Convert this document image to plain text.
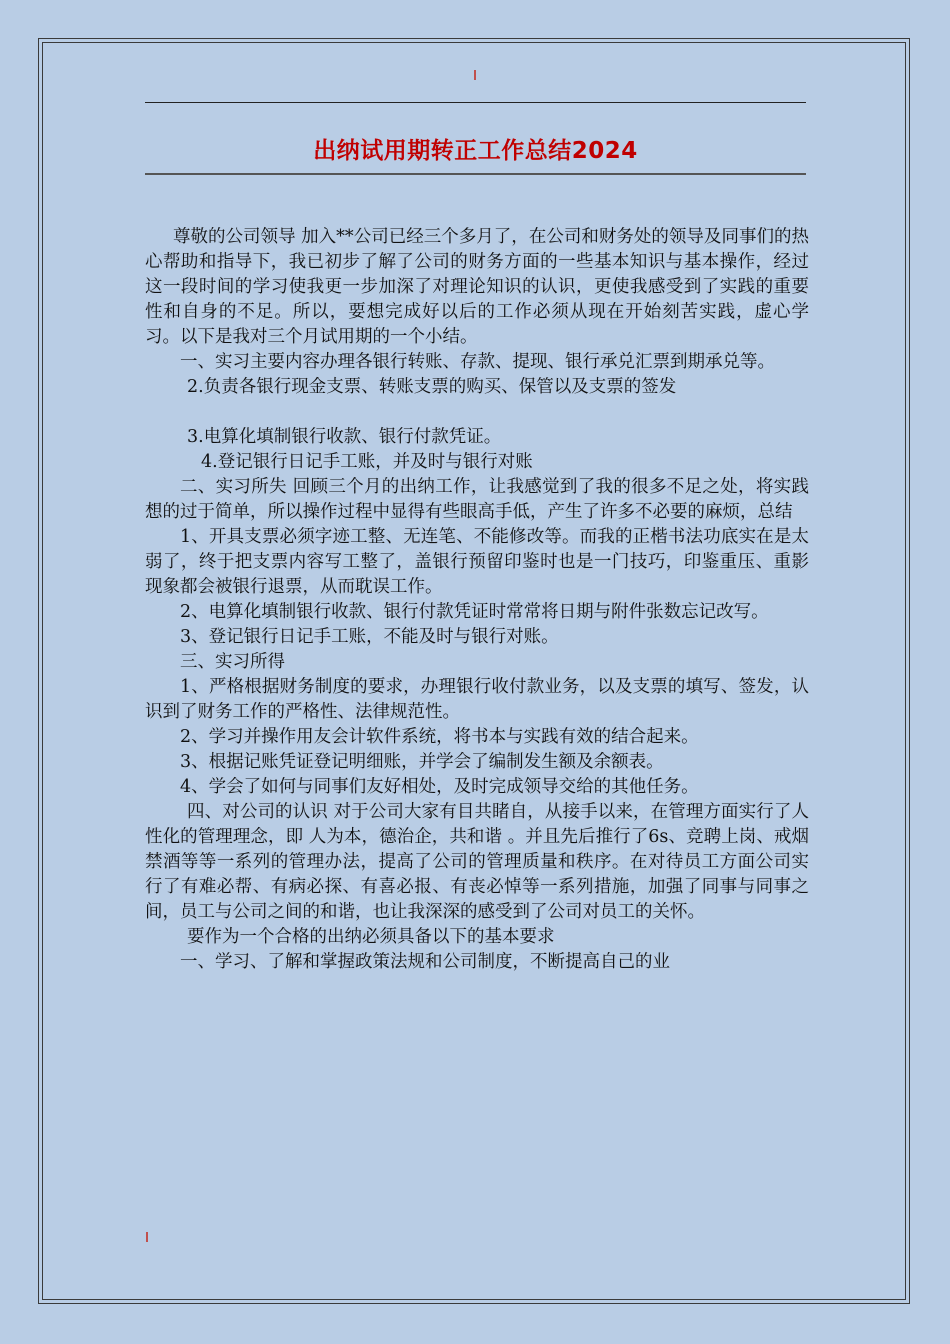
出纳试用期转正工作总结2024

尊敬的公司领导 加入**公司已经三个多月了，在公司和财务处的领导及同事们的热心帮助和指导下，我已初步了解了公司的财务方面的一些基本知识与基本操作，经过这一段时间的学习使我更一步加深了对理论知识的认识，更使我感受到了实践的重要性和自身的不足。所以，要想完成好以后的工作必须从现在开始刻苦实践，虚心学习。以下是我对三个月试用期的一个小结。

一、实习主要内容办理各银行转账、存款、提现、银行承兑汇票到期承兑等。

2.负责各银行现金支票、转账支票的购买、保管以及支票的签发

3.电算化填制银行收款、银行付款凭证。

4.登记银行日记手工账，并及时与银行对账

二、实习所失 回顾三个月的出纳工作，让我感觉到了我的很多不足之处，将实践想的过于简单，所以操作过程中显得有些眼高手低，产生了许多不必要的麻烦，总结

1、开具支票必须字迹工整、无连笔、不能修改等。而我的正楷书法功底实在是太弱了，终于把支票内容写工整了，盖银行预留印鉴时也是一门技巧，印鉴重压、重影现象都会被银行退票，从而耽误工作。

2、电算化填制银行收款、银行付款凭证时常常将日期与附件张数忘记改写。

3、登记银行日记手工账，不能及时与银行对账。

三、实习所得

1、严格根据财务制度的要求，办理银行收付款业务，以及支票的填写、签发，认识到了财务工作的严格性、法律规范性。

2、学习并操作用友会计软件系统，将书本与实践有效的结合起来。

3、根据记账凭证登记明细账，并学会了编制发生额及余额表。

4、学会了如何与同事们友好相处，及时完成领导交给的其他任务。

四、对公司的认识 对于公司大家有目共睹自，从接手以来，在管理方面实行了人性化的管理理念，即 人为本，德治企，共和谐 。并且先后推行了6s、竞聘上岗、戒烟禁酒等等一系列的管理办法，提高了公司的管理质量和秩序。在对待员工方面公司实行了有难必帮、有病必探、有喜必报、有丧必悼等一系列措施，加强了同事与同事之间，员工与公司之间的和谐，也让我深深的感受到了公司对员工的关怀。

要作为一个合格的出纳必须具备以下的基本要求

一、学习、了解和掌握政策法规和公司制度，不断提高自己的业
